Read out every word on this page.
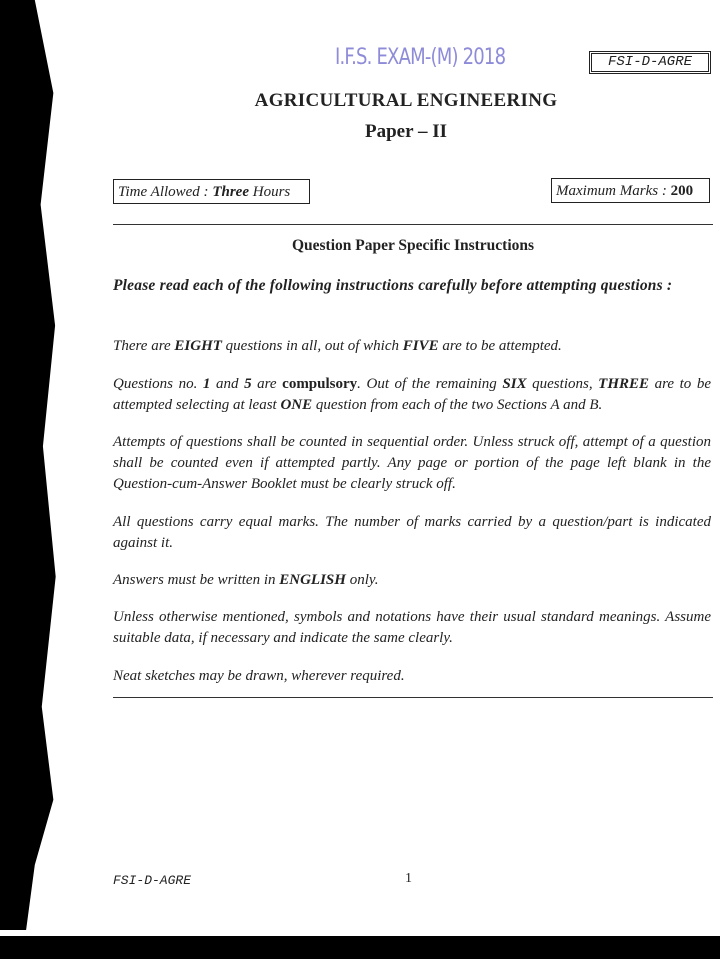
I.F.S. EXAM-(M) 2018	FSI-D-AGRE
AGRICULTURAL ENGINEERING
Paper – II
Time Allowed : Three Hours	Maximum Marks : 200
Question Paper Specific Instructions
Please read each of the following instructions carefully before attempting questions :
There are EIGHT questions in all, out of which FIVE are to be attempted.
Questions no. 1 and 5 are compulsory. Out of the remaining SIX questions, THREE are to be attempted selecting at least ONE question from each of the two Sections A and B.
Attempts of questions shall be counted in sequential order. Unless struck off, attempt of a question shall be counted even if attempted partly. Any page or portion of the page left blank in the Question-cum-Answer Booklet must be clearly struck off.
All questions carry equal marks. The number of marks carried by a question/part is indicated against it.
Answers must be written in ENGLISH only.
Unless otherwise mentioned, symbols and notations have their usual standard meanings. Assume suitable data, if necessary and indicate the same clearly.
Neat sketches may be drawn, wherever required.
FSI-D-AGRE	1
